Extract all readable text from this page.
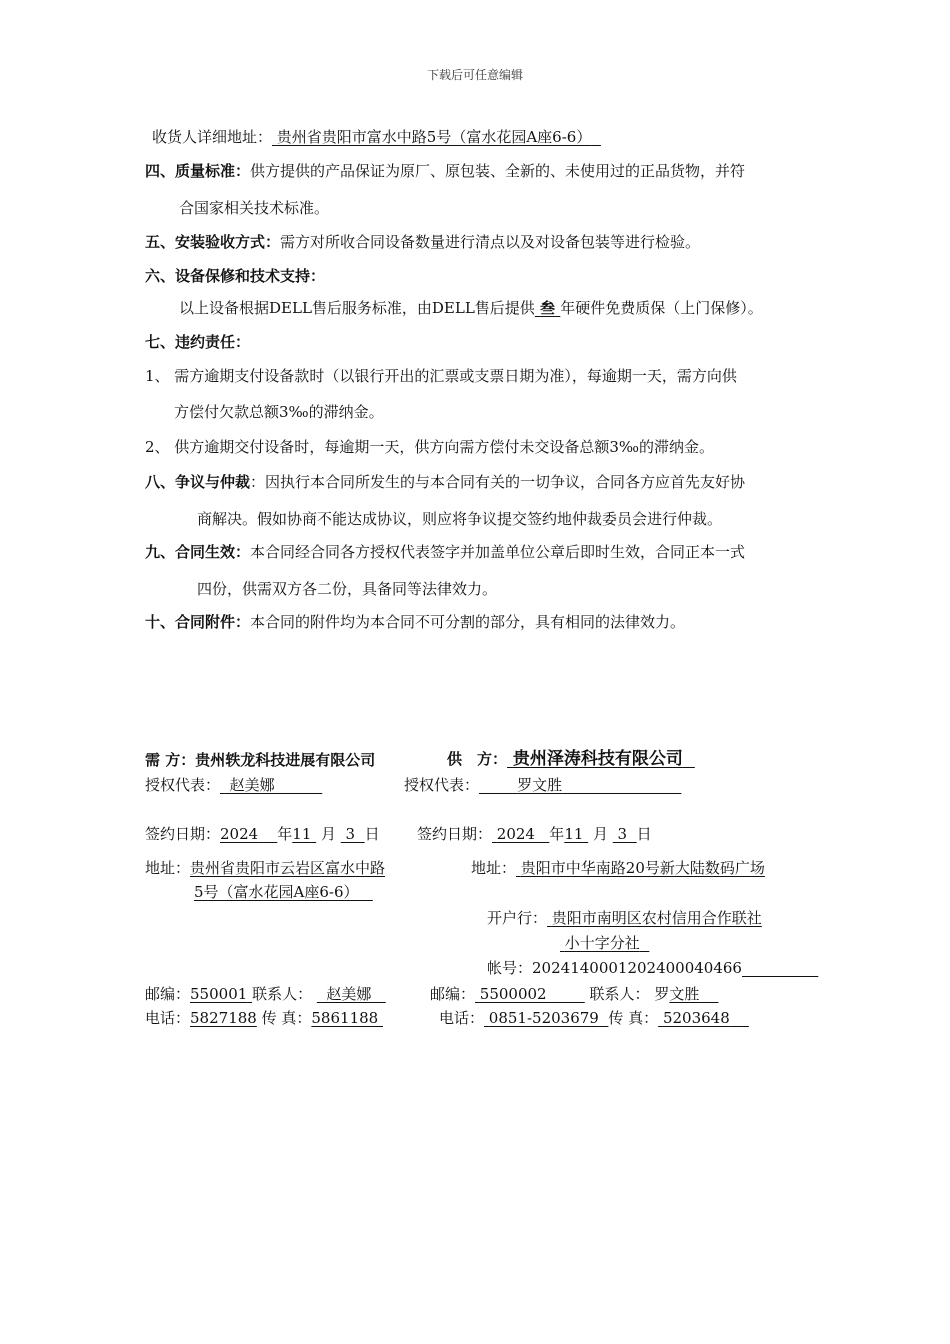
下载后可任意编辑
收货人详细地址： 贵州省贵阳市富水中路5号（富水花园A座6-6）
四、质量标准：供方提供的产品保证为原厂、原包装、全新的、未使用过的正品货物，并符
合国家相关技术标准。
五、安装验收方式：需方对所收合同设备数量进行清点以及对设备包装等进行检验。
六、设备保修和技术支持：
以上设备根据DELL售后服务标准，由DELL售后提供 叁 年硬件免费质保（上门保修）。
七、违约责任：
1、 需方逾期支付设备款时（以银行开出的汇票或支票日期为准），每逾期一天，需方向供
方偿付欠款总额3‰的滞纳金。
2、 供方逾期交付设备时，每逾期一天，供方向需方偿付未交设备总额3‰的滞纳金。
八、争议与仲裁：因执行本合同所发生的与本合同有关的一切争议，合同各方应首先友好协
商解决。假如协商不能达成协议，则应将争议提交签约地仲裁委员会进行仲裁。
九、合同生效：本合同经合同各方授权代表签字并加盖单位公章后即时生效，合同正本一式
四份，供需双方各二份，具备同等法律效力。
十、合同附件：本合同的附件均为本合同不可分割的部分，具有相同的法律效力。
需 方：贵州轶龙科技进展有限公司	供　方： 贵州泽涛科技有限公司
授权代表：  赵美娜	授权代表：	罗文胜
签约日期：2024 年11 月 3 日 签约日期： 2024 年11 月 3 日
地址：贵州省贵阳市云岩区富水中路
5号（富水花园A座6-6）
地址： 贵阳市中华南路20号新大陆数码广场
开户行： 贵阳市南明区农村信用合作联社
小十字分社
帐号：20241400012024000404​66
邮编：550001 联系人：   赵美娜	邮编： 5500002	联系人： 罗文胜
电话：5827188 传 真：5861188	电话： 0851-5203679 传 真： 5203648
